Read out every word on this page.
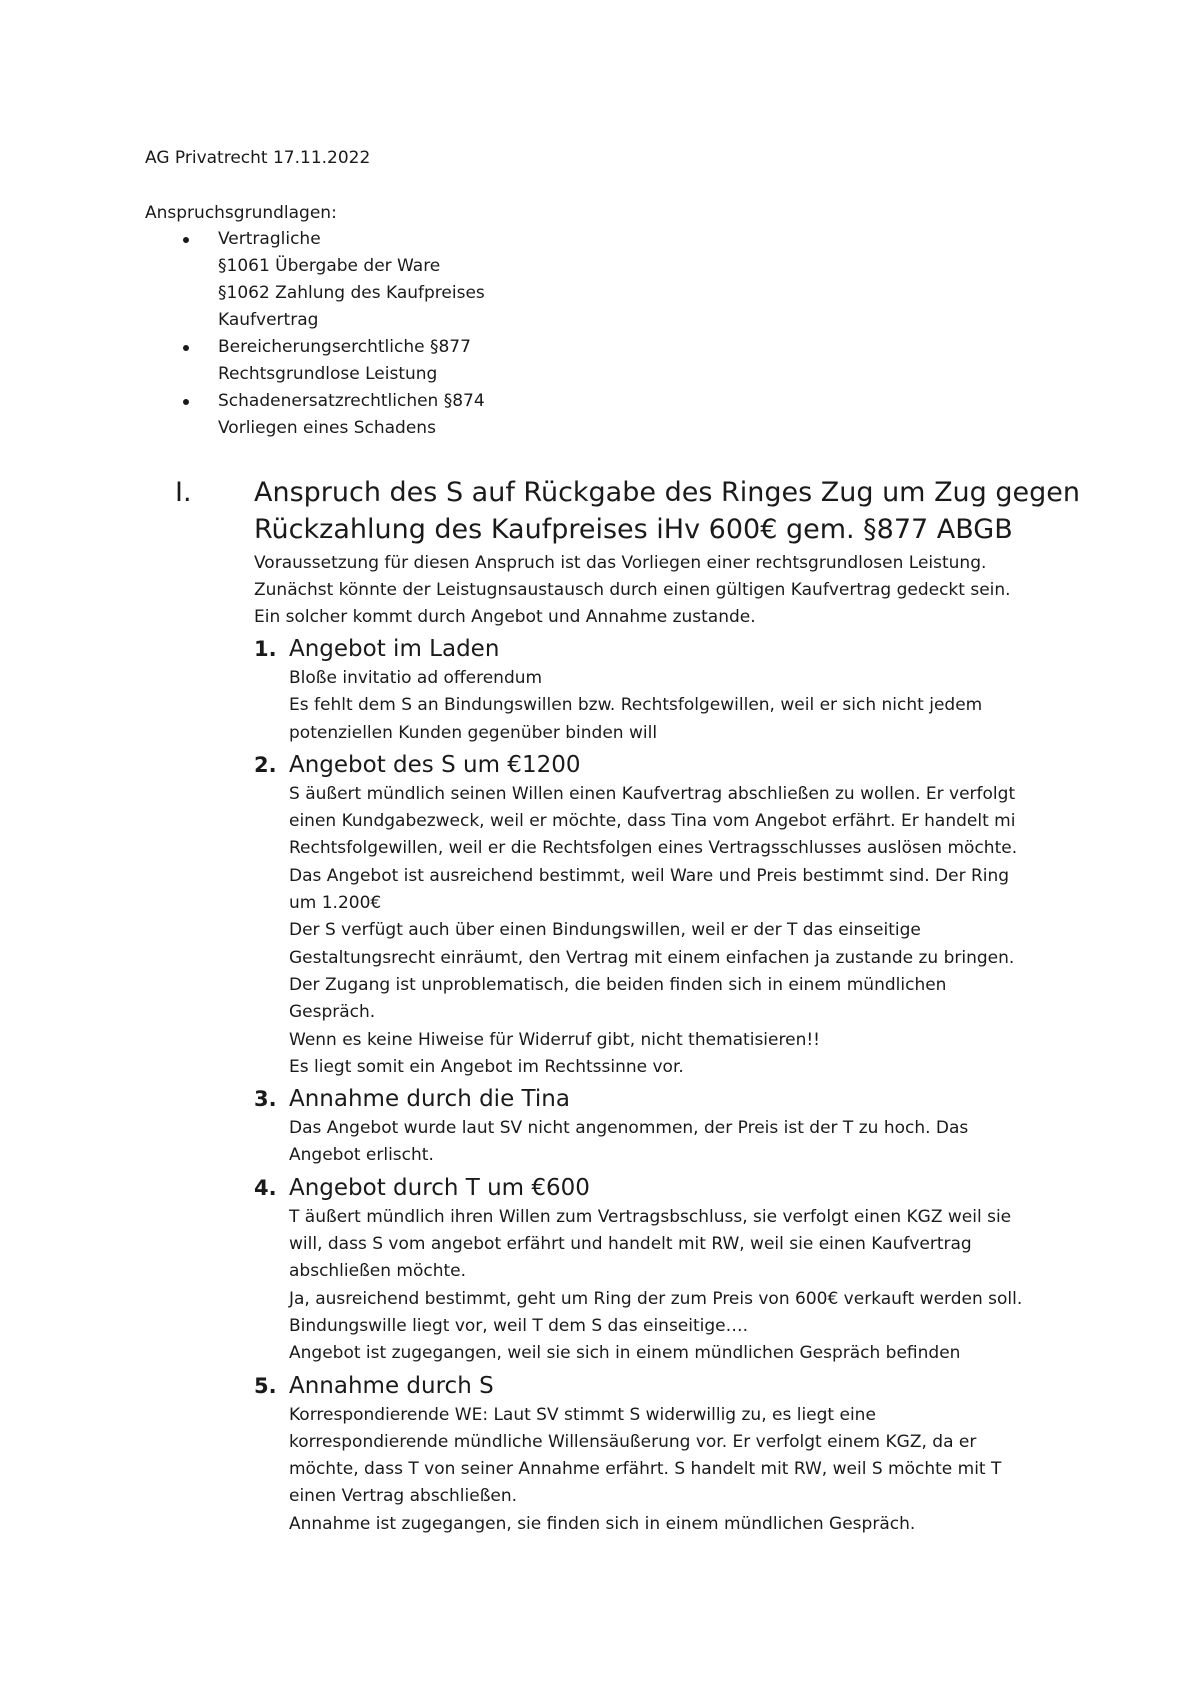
AG Privatrecht 17.11.2022
Anspruchsgrundlagen:
Vertragliche
§1061 Übergabe der Ware
§1062 Zahlung des Kaufpreises
Kaufvertrag
Bereicherungserchtliche §877
Rechtsgrundlose Leistung
Schadenersatzrechtlichen §874
Vorliegen eines Schadens
I. Anspruch des S auf Rückgabe des Ringes Zug um Zug gegen
Rückzahlung des Kaufpreises iHv 600€ gem. §877 ABGB
Voraussetzung für diesen Anspruch ist das Vorliegen einer rechtsgrundlosen Leistung.
Zunächst könnte der Leistugnsaustausch durch einen gültigen Kaufvertrag gedeckt sein.
Ein solcher kommt durch Angebot und Annahme zustande.
1. Angebot im Laden
Bloße invitatio ad offerendum
Es fehlt dem S an Bindungswillen bzw. Rechtsfolgewillen, weil er sich nicht jedem
potenziellen Kunden gegenüber binden will
2. Angebot des S um €1200
S äußert mündlich seinen Willen einen Kaufvertrag abschließen zu wollen. Er verfolgt
einen Kundgabezweck, weil er möchte, dass Tina vom Angebot erfährt. Er handelt mi
Rechtsfolgewillen, weil er die Rechtsfolgen eines Vertragsschlusses auslösen möchte.
Das Angebot ist ausreichend bestimmt, weil Ware und Preis bestimmt sind. Der Ring
um 1.200€
Der S verfügt auch über einen Bindungswillen, weil er der T das einseitige
Gestaltungsrecht einräumt, den Vertrag mit einem einfachen ja zustande zu bringen.
Der Zugang ist unproblematisch, die beiden finden sich in einem mündlichen
Gespräch.
Wenn es keine Hiweise für Widerruf gibt, nicht thematisieren!!
Es liegt somit ein Angebot im Rechtssinne vor.
3. Annahme durch die Tina
Das Angebot wurde laut SV nicht angenommen, der Preis ist der T zu hoch. Das
Angebot erlischt.
4. Angebot durch T um €600
T äußert mündlich ihren Willen zum Vertragsbschluss, sie verfolgt einen KGZ weil sie
will, dass S vom angebot erfährt und handelt mit RW, weil sie einen Kaufvertrag
abschließen möchte.
Ja, ausreichend bestimmt, geht um Ring der zum Preis von 600€ verkauft werden soll.
Bindungswille liegt vor, weil T dem S das einseitige….
Angebot ist zugegangen, weil sie sich in einem mündlichen Gespräch befinden
5. Annahme durch S
Korrespondierende WE: Laut SV stimmt S widerwillig zu, es liegt eine
korrespondierende mündliche Willensäußerung vor. Er verfolgt einem KGZ, da er
möchte, dass T von seiner Annahme erfährt. S handelt mit RW, weil S möchte mit T
einen Vertrag abschließen.
Annahme ist zugegangen, sie finden sich in einem mündlichen Gespräch.
